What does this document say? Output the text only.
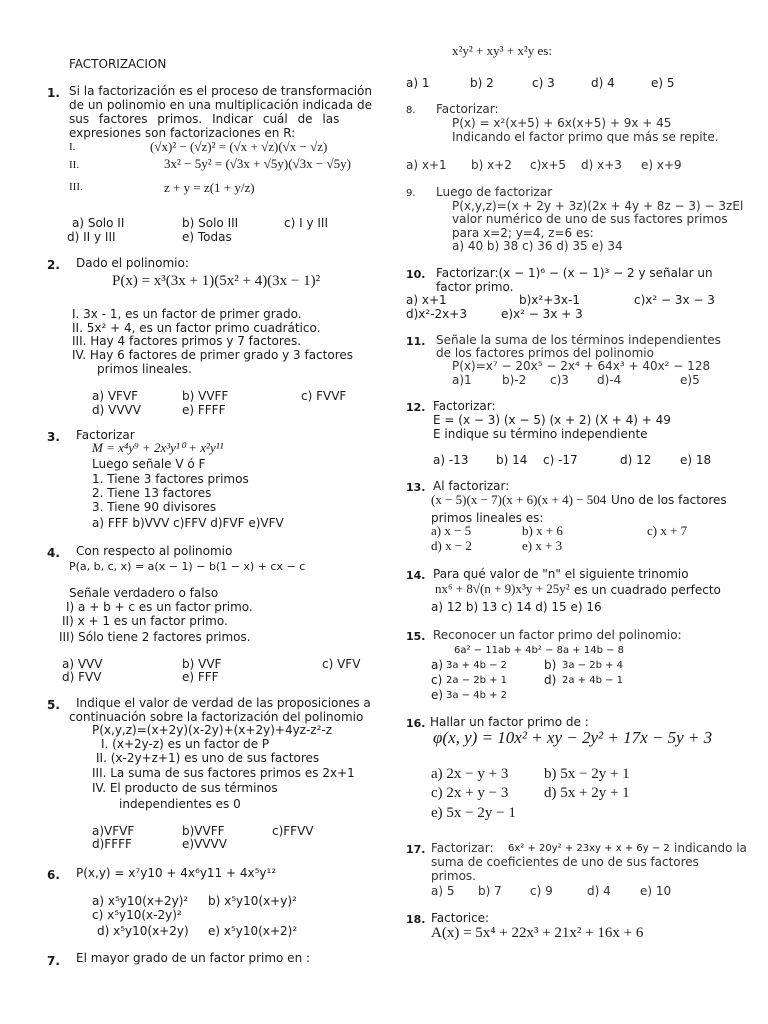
FACTORIZACION
1. Si la factorización es el proceso de transformación
de un polinomio en una multiplicación indicada de
sus factores primos. Indicar cuál de las
expresiones son factorizaciones en R:
I.	(√x)² − (√z)² = (√x + √z)(√x − √z)
II.	3x² − 5y² = (√3x + √5y)(√3x − √5y)
III.	z + y = z(1 + y/z)
a) Solo II	b) Solo III	c) I y III
d) II y III	e) Todas
2. Dado el polinomio:
P(x) = x³(3x + 1)(5x² + 4)(3x − 1)²
I. 3x - 1, es un factor de primer grado.
II. 5x² + 4, es un factor primo cuadrático.
III. Hay 4 factores primos y 7 factores.
IV. Hay 6 factores de primer grado y 3 factores
primos lineales.
a) VFVF	b) VVFF	c) FVVF
d) VVVV	e) FFFF
3. Factorizar
M = x⁴y⁹ + 2x³y¹⁰ + x²y¹¹
Luego señale V ó F
1. Tiene 3 factores primos
2. Tiene 13 factores
3. Tiene 90 divisores
a) FFF b)VVV c)FFV d)FVF e)VFV
4. Con respecto al polinomio
P(a, b, c, x) = a(x − 1) − b(1 − x) + cx − c
Señale verdadero o falso
I) a + b + c es un factor primo.
II) x + 1 es un factor primo.
III) Sólo tiene 2 factores primos.
a) VVV	b) VVF	c) VFV
d) FVV	e) FFF
5. Indique el valor de verdad de las proposiciones a
continuación sobre la factorización del polinomio
P(x,y,z)=(x+2y)(x-2y)+(x+2y)+4yz-z²-z
I. (x+2y-z) es un factor de P
II. (x-2y+z+1) es uno de sus factores
III. La suma de sus factores primos es 2x+1
IV. El producto de sus términos
independientes es 0
a)VFVF	b)VVFF	c)FFVV
d)FFFF	e)VVVV
6. P(x,y) = x⁷y10 + 4x⁶y11 + 4x⁵y¹²
a) x⁵y10(x+2y)² b) x⁵y10(x+y)²
c) x⁵y10(x-2y)²
d) x⁵y10(x+2y) e) x⁵y10(x+2)²
7. El mayor grado de un factor primo en :
x²y² + xy³ + x²y es:
a) 1	b) 2	c) 3	d) 4	e) 5
8. Factorizar:
P(x) = x²(x+5) + 6x(x+5) + 9x + 45
Indicando el factor primo que más se repite.
a) x+1 b) x+2 c)x+5 d) x+3 e) x+9
9. Luego de factorizar
P(x,y,z)=(x + 2y + 3z)(2x + 4y + 8z − 3) − 3zEl
valor numérico de uno de sus factores primos
para x=2; y=4, z=6 es:
a) 40 b) 38 c) 36 d) 35 e) 34
10. Factorizar:(x − 1)⁶ − (x − 1)³ − 2 y señalar un
factor primo.
a) x+1	b)x²+3x-1	c)x² − 3x − 3
d)x²-2x+3	e)x² − 3x + 3
11. Señale la suma de los términos independientes
de los factores primos del polinomio
P(x)=x⁷ − 20x⁵ − 2x⁴ + 64x³ + 40x² − 128
a)1	b)-2 c)3 d)-4	e)5
12. Factorizar:
E = (x − 3) (x − 5) (x + 2) (X + 4) + 49
E indique su término independiente
a) -13 b) 14 c) -17	d) 12 e) 18
13. Al factorizar:
(x − 5)(x − 7)(x + 6)(x + 4) − 504 Uno de los factores
primos lineales es:
a) x − 5	b) x + 6	c) x + 7
d) x − 2	e) x + 3
14. Para qué valor de "n" el siguiente trinomio
nx⁶ + 8√(n + 9)x³y + 25y² es un cuadrado perfecto
a) 12 b) 13 c) 14 d) 15 e) 16
15. Reconocer un factor primo del polinomio:
6a² − 11ab + 4b² − 8a + 14b − 8
a) 3a + 4b − 2	b) 3a − 2b + 4
c) 2a − 2b + 1	d) 2a + 4b − 1
e) 3a − 4b + 2
16. Hallar un factor primo de :
φ(x, y) = 10x² + xy − 2y² + 17x − 5y + 3
a) 2x − y + 3 b) 5x − 2y + 1
c) 2x + y − 3 d) 5x + 2y + 1
e) 5x − 2y − 1
17. Factorizar: 6x² + 20y² + 23xy + x + 6y − 2 indicando la
suma de coeficientes de uno de sus factores
primos.
a) 5 b) 7 c) 9	d) 4 e) 10
18. Factorice:
A(x) = 5x⁴ + 22x³ + 21x² + 16x + 6
